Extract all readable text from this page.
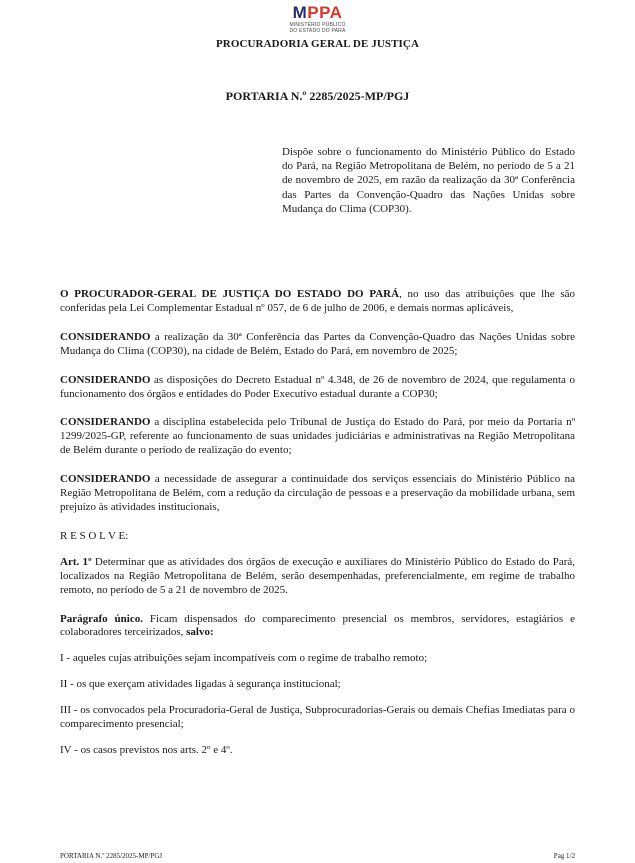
MPPA
MINISTÉRIO PÚBLICO
DO ESTADO DO PARÁ
PROCURADORIA GERAL DE JUSTIÇA
PORTARIA N.º 2285/2025-MP/PGJ
Dispõe sobre o funcionamento do Ministério Público do Estado do Pará, na Região Metropolitana de Belém, no período de 5 a 21 de novembro de 2025, em razão da realização da 30ª Conferência das Partes da Convenção-Quadro das Nações Unidas sobre Mudança do Clima (COP30).

O PROCURADOR-GERAL DE JUSTIÇA DO ESTADO DO PARÁ, no uso das atribuições que lhe são conferidas pela Lei Complementar Estadual nº 057, de 6 de julho de 2006, e demais normas aplicáveis,

CONSIDERANDO a realização da 30ª Conferência das Partes da Convenção-Quadro das Nações Unidas sobre Mudança do Clima (COP30), na cidade de Belém, Estado do Pará, em novembro de 2025;

CONSIDERANDO as disposições do Decreto Estadual nº 4.348, de 26 de novembro de 2024, que regulamenta o funcionamento dos órgãos e entidades do Poder Executivo estadual durante a COP30;

CONSIDERANDO a disciplina estabelecida pelo Tribunal de Justiça do Estado do Pará, por meio da Portaria nº 1299/2025-GP, referente ao funcionamento de suas unidades judiciárias e administrativas na Região Metropolitana de Belém durante o período de realização do evento;

CONSIDERANDO a necessidade de assegurar a continuidade dos serviços essenciais do Ministério Público na Região Metropolitana de Belém, com a redução da circulação de pessoas e a preservação da mobilidade urbana, sem prejuízo às atividades institucionais,

R E S O L V E:

Art. 1º Determinar que as atividades dos órgãos de execução e auxiliares do Ministério Público do Estado do Pará, localizados na Região Metropolitana de Belém, serão desempenhadas, preferencialmente, em regime de trabalho remoto, no período de 5 a 21 de novembro de 2025.

Parágrafo único. Ficam dispensados do comparecimento presencial os membros, servidores, estagiários e colaboradores terceirizados, salvo:

I - aqueles cujas atribuições sejam incompatíveis com o regime de trabalho remoto;

II - os que exerçam atividades ligadas à segurança institucional;

III - os convocados pela Procuradoria-Geral de Justiça, Subprocuradorias-Gerais ou demais Chefias Imediatas para o comparecimento presencial;

IV - os casos previstos nos arts. 2º e 4º.

PORTARIA N.º 2285/2025-MP/PGJ	Pag 1/2
